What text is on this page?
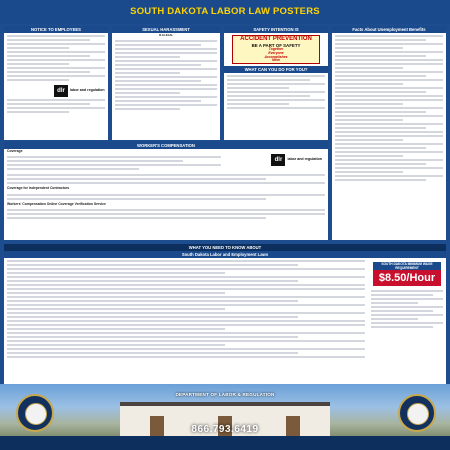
SOUTH DAKOTA LABOR LAW POSTERS
NOTICE TO EMPLOYEES
dlr	labor and regulation
SEXUAL HARASSMENT
IS ILLEGAL
SAFETY INTENTION IS
ACCIDENT PREVENTION
BE A PART OF SAFETY
Together
Everyone
Accomplishes
More
WHAT CAN YOU DO FOR YOU?
Facts About Unemployment Benefits
WORKER'S COMPENSATION
Coverage
dlr	labor and regulation
Coverage for Independent Contractors
Workers' Compensation Online Coverage Verification Service
WHAT YOU NEED TO KNOW ABOUT
South Dakota Labor and Employment Laws
SOUTH DAKOTA MINIMUM WAGE REQUIREMENT
$8.50/Hour
DEPARTMENT OF LABOR & REGULATION
866.793.6419
